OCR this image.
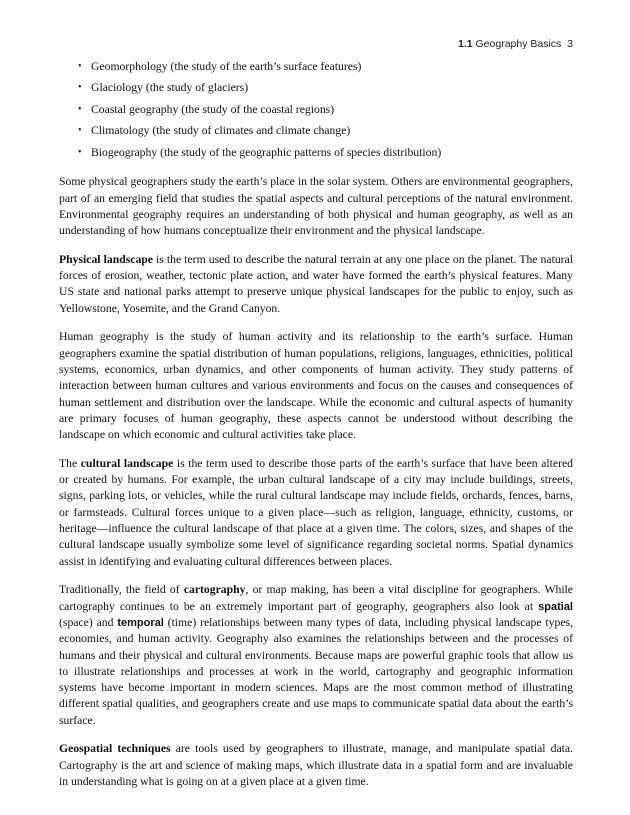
1.1 Geography Basics 3
• Geomorphology (the study of the earth’s surface features)
• Glaciology (the study of glaciers)
• Coastal geography (the study of the coastal regions)
• Climatology (the study of climates and climate change)
• Biogeography (the study of the geographic patterns of species distribution)

Some physical geographers study the earth’s place in the solar system. Others are environmental geographers, part of an emerging field that studies the spatial aspects and cultural perceptions of the natural environment. Environmental geography requires an understanding of both physical and human geography, as well as an understanding of how humans conceptualize their environment and the physical landscape.

Physical landscape is the term used to describe the natural terrain at any one place on the planet. The natural forces of erosion, weather, tectonic plate action, and water have formed the earth’s physical features. Many US state and national parks attempt to preserve unique physical landscapes for the public to enjoy, such as Yellowstone, Yosemite, and the Grand Canyon.

Human geography is the study of human activity and its relationship to the earth’s surface. Human geographers examine the spatial distribution of human populations, religions, languages, ethnicities, political systems, economics, urban dynamics, and other components of human activity. They study patterns of interaction between human cultures and various environments and focus on the causes and consequences of human settlement and distribution over the landscape. While the economic and cultural aspects of humanity are primary focuses of human geography, these aspects cannot be understood without describing the landscape on which economic and cultural activities take place.

The cultural landscape is the term used to describe those parts of the earth’s surface that have been altered or created by humans. For example, the urban cultural landscape of a city may include buildings, streets, signs, parking lots, or vehicles, while the rural cultural landscape may include fields, orchards, fences, barns, or farmsteads. Cultural forces unique to a given place—such as religion, language, ethnicity, customs, or heritage—influence the cultural landscape of that place at a given time. The colors, sizes, and shapes of the cultural landscape usually symbolize some level of significance regarding societal norms. Spatial dynamics assist in identifying and evaluating cultural differences between places.

Traditionally, the field of cartography, or map making, has been a vital discipline for geographers. While cartography continues to be an extremely important part of geography, geographers also look at spatial (space) and temporal (time) relationships between many types of data, including physical landscape types, economies, and human activity. Geography also examines the relationships between and the processes of humans and their physical and cultural environments. Because maps are powerful graphic tools that allow us to illustrate relationships and processes at work in the world, cartography and geographic information systems have become important in modern sciences. Maps are the most common method of illustrating different spatial qualities, and geographers create and use maps to communicate spatial data about the earth’s surface.

Geospatial techniques are tools used by geographers to illustrate, manage, and manipulate spatial data. Cartography is the art and science of making maps, which illustrate data in a spatial form and are invaluable in understanding what is going on at a given place at a given time.
